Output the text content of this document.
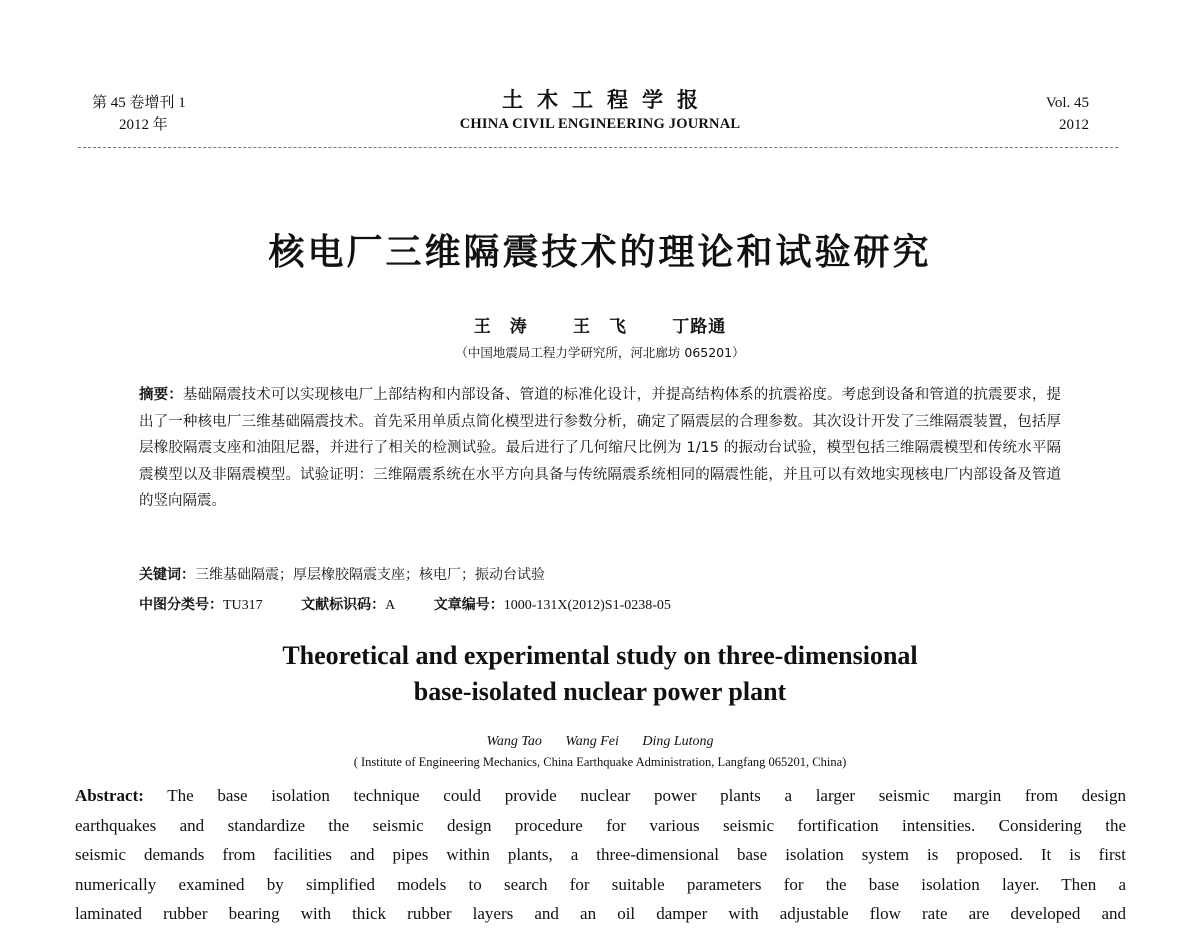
第 45 卷增刊 1
2012 年
土木工程学报
CHINA CIVIL ENGINEERING JOURNAL
Vol. 45
2012
核电厂三维隔震技术的理论和试验研究
王　涛	王　飞	丁路通
（中国地震局工程力学研究所，河北廊坊 065201）
摘要：基础隔震技术可以实现核电厂上部结构和内部设备、管道的标准化设计，并提高结构体系的抗震裕度。考虑到设备和管道的抗震要求，提出了一种核电厂三维基础隔震技术。首先采用单质点简化模型进行参数分析，确定了隔震层的合理参数。其次设计开发了三维隔震装置，包括厚层橡胶隔震支座和油阻尼器，并进行了相关的检测试验。最后进行了几何缩尺比例为 1/15 的振动台试验，模型包括三维隔震模型和传统水平隔震模型以及非隔震模型。试验证明：三维隔震系统在水平方向具备与传统隔震系统相同的隔震性能，并且可以有效地实现核电厂内部设备及管道的竖向隔震。
关键词：三维基础隔震；厚层橡胶隔震支座；核电厂；振动台试验
中图分类号：TU317	文献标识码：A	文章编号：1000-131X(2012)S1-0238-05
Theoretical and experimental study on three-dimensional
base-isolated nuclear power plant
Wang Tao Wang Fei Ding Lutong
( Institute of Engineering Mechanics, China Earthquake Administration, Langfang 065201, China)
Abstract: The base isolation technique could provide nuclear power plants a larger seismic margin from design
earthquakes and standardize the seismic design procedure for various seismic fortification intensities. Considering the
seismic demands from facilities and pipes within plants, a three-dimensional base isolation system is proposed. It is first
numerically examined by simplified models to search for suitable parameters for the base isolation layer. Then a
laminated rubber bearing with thick rubber layers and an oil damper with adjustable flow rate are developed and
